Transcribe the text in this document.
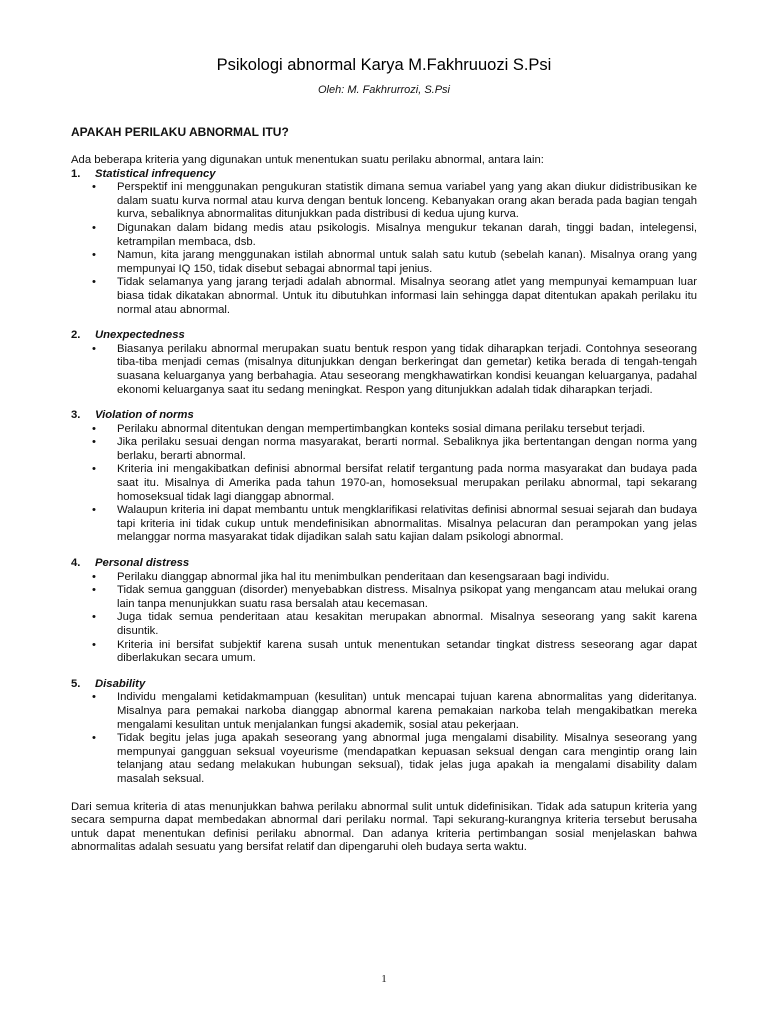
Psikologi abnormal Karya M.Fakhruuozi S.Psi
Oleh: M. Fakhrurrozi, S.Psi
APAKAH PERILAKU ABNORMAL ITU?

Ada beberapa kriteria yang digunakan untuk menentukan suatu perilaku abnormal, antara lain:

1.	Statistical infrequency
• Perspektif ini menggunakan pengukuran statistik dimana semua variabel yang yang akan diukur didistribusikan ke dalam suatu kurva normal atau kurva dengan bentuk lonceng. Kebanyakan orang akan berada pada bagian tengah kurva, sebaliknya abnormalitas ditunjukkan pada distribusi di kedua ujung kurva.
• Digunakan dalam bidang medis atau psikologis. Misalnya mengukur tekanan darah, tinggi badan, intelegensi, ketrampilan membaca, dsb.
• Namun, kita jarang menggunakan istilah abnormal untuk salah satu kutub (sebelah kanan). Misalnya orang yang mempunyai IQ 150, tidak disebut sebagai abnormal tapi jenius.
• Tidak selamanya yang jarang terjadi adalah abnormal. Misalnya seorang atlet yang mempunyai kemampuan luar biasa tidak dikatakan abnormal. Untuk itu dibutuhkan informasi lain sehingga dapat ditentukan apakah perilaku itu normal atau abnormal.
2.	Unexpectedness
• Biasanya perilaku abnormal merupakan suatu bentuk respon yang tidak diharapkan terjadi. Contohnya seseorang tiba-tiba menjadi cemas (misalnya ditunjukkan dengan berkeringat dan gemetar) ketika berada di tengah-tengah suasana keluarganya yang berbahagia. Atau seseorang mengkhawatirkan kondisi keuangan keluarganya, padahal ekonomi keluarganya saat itu sedang meningkat. Respon yang ditunjukkan adalah tidak diharapkan terjadi.
3.	Violation of norms
• Perilaku abnormal ditentukan dengan mempertimbangkan konteks sosial dimana perilaku tersebut terjadi.
• Jika perilaku sesuai dengan norma masyarakat, berarti normal. Sebaliknya jika bertentangan dengan norma yang berlaku, berarti abnormal.
• Kriteria ini mengakibatkan definisi abnormal bersifat relatif tergantung pada norma masyarakat dan budaya pada saat itu. Misalnya di Amerika pada tahun 1970-an, homoseksual merupakan perilaku abnormal, tapi sekarang homoseksual tidak lagi dianggap abnormal.
• Walaupun kriteria ini dapat membantu untuk mengklarifikasi relativitas definisi abnormal sesuai sejarah dan budaya tapi kriteria ini tidak cukup untuk mendefinisikan abnormalitas. Misalnya pelacuran dan perampokan yang jelas melanggar norma masyarakat tidak dijadikan salah satu kajian dalam psikologi abnormal.
4.	Personal distress
• Perilaku dianggap abnormal jika hal itu menimbulkan penderitaan dan kesengsaraan bagi individu.
• Tidak semua gangguan (disorder) menyebabkan distress. Misalnya psikopat yang mengancam atau melukai orang lain tanpa menunjukkan suatu rasa bersalah atau kecemasan.
• Juga tidak semua penderitaan atau kesakitan merupakan abnormal. Misalnya seseorang yang sakit karena disuntik.
• Kriteria ini bersifat subjektif karena susah untuk menentukan setandar tingkat distress seseorang agar dapat diberlakukan secara umum.
5.	Disability
• Individu mengalami ketidakmampuan (kesulitan) untuk mencapai tujuan karena abnormalitas yang dideritanya. Misalnya para pemakai narkoba dianggap abnormal karena pemakaian narkoba telah mengakibatkan mereka mengalami kesulitan untuk menjalankan fungsi akademik, sosial atau pekerjaan.
• Tidak begitu jelas juga apakah seseorang yang abnormal juga mengalami disability. Misalnya seseorang yang mempunyai gangguan seksual voyeurisme (mendapatkan kepuasan seksual dengan cara mengintip orang lain telanjang atau sedang melakukan hubungan seksual), tidak jelas juga apakah ia mengalami disability dalam masalah seksual.

Dari semua kriteria di atas menunjukkan bahwa perilaku abnormal sulit untuk didefinisikan. Tidak ada satupun kriteria yang secara sempurna dapat membedakan abnormal dari perilaku normal. Tapi sekurang-kurangnya kriteria tersebut berusaha untuk dapat menentukan definisi perilaku abnormal. Dan adanya kriteria pertimbangan sosial menjelaskan bahwa abnormalitas adalah sesuatu yang bersifat relatif dan dipengaruhi oleh budaya serta waktu.

1
